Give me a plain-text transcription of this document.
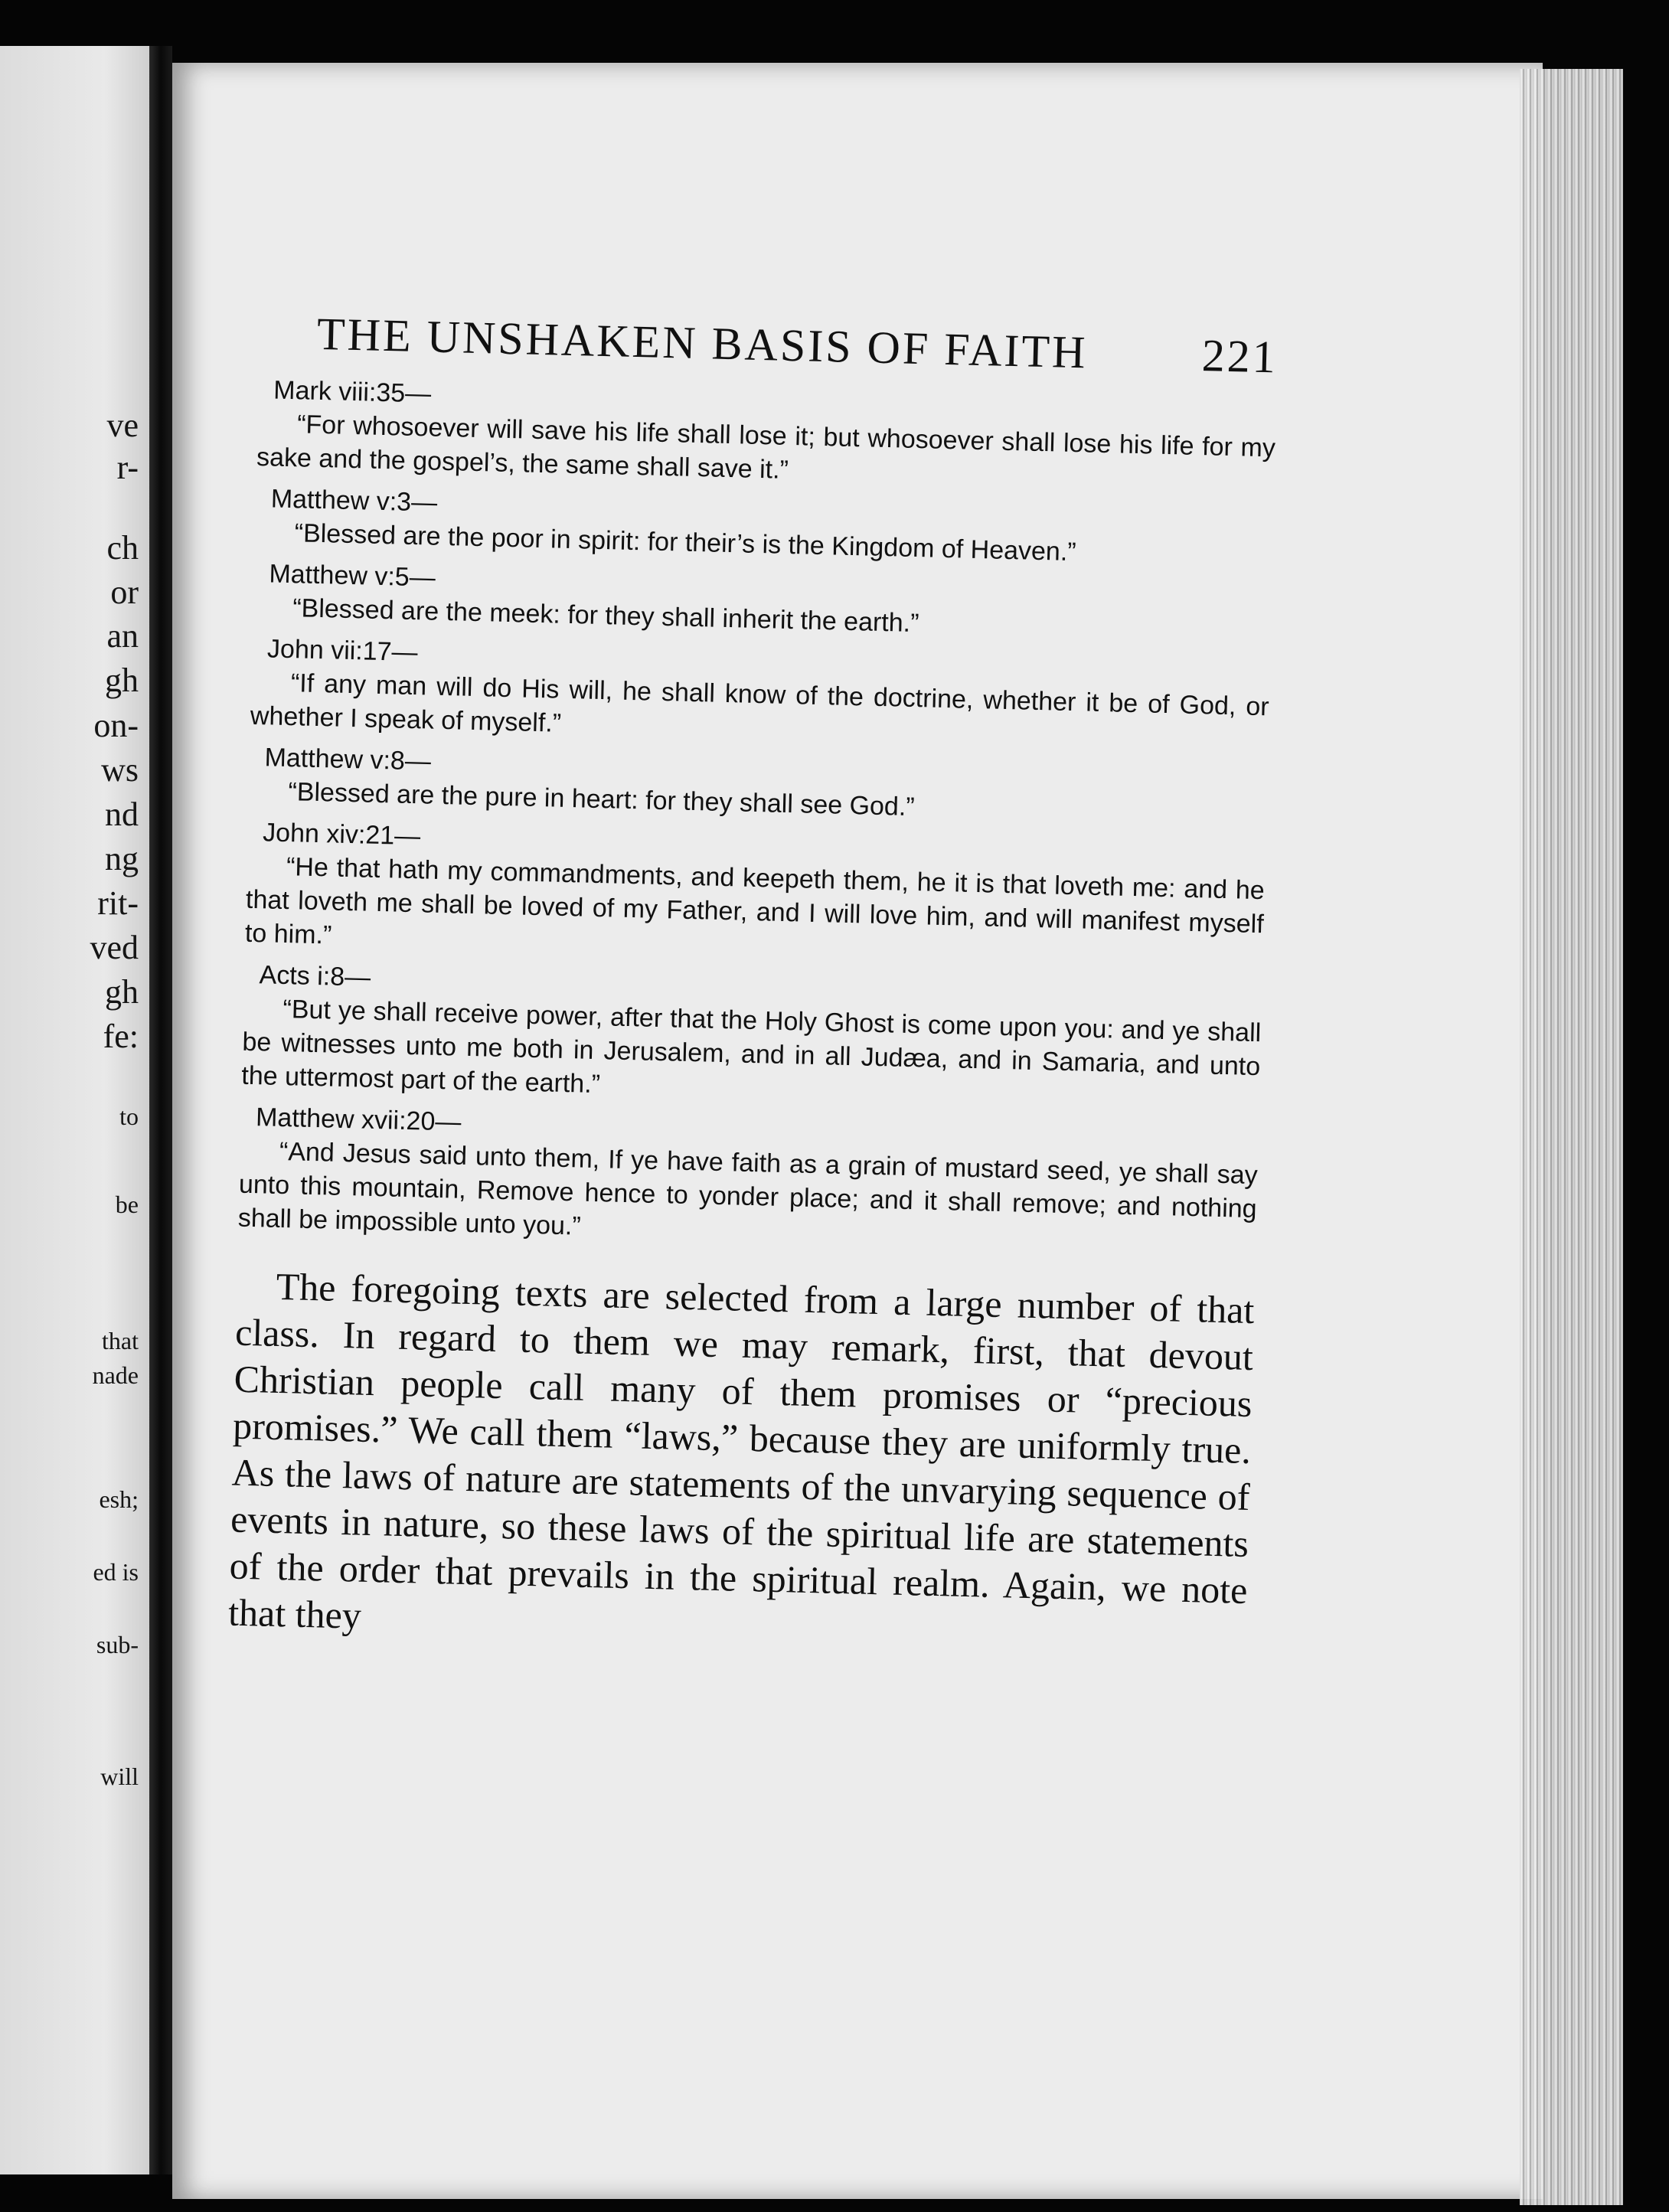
ve
r-
ch
or
an
gh
on-
ws
nd
ng
rit-
ved
gh
fe:
to
be
that
nade
esh;
ed is
sub-
will
THE UNSHAKEN BASIS OF FAITH 221
Mark viii:35—
“For whosoever will save his life shall lose it; but whosoever shall lose his life for my sake and the gospel’s, the same shall save it.”
Matthew v:3—
“Blessed are the poor in spirit: for their’s is the Kingdom of Heaven.”
Matthew v:5—
“Blessed are the meek: for they shall inherit the earth.”
John vii:17—
“If any man will do His will, he shall know of the doctrine, whether it be of God, or whether I speak of myself.”
Matthew v:8—
“Blessed are the pure in heart: for they shall see God.”
John xiv:21—
“He that hath my commandments, and keepeth them, he it is that loveth me: and he that loveth me shall be loved of my Father, and I will love him, and will manifest myself to him.”
Acts i:8—
“But ye shall receive power, after that the Holy Ghost is come upon you: and ye shall be witnesses unto me both in Jerusalem, and in all Judæa, and in Samaria, and unto the uttermost part of the earth.”
Matthew xvii:20—
“And Jesus said unto them, If ye have faith as a grain of mustard seed, ye shall say unto this mountain, Remove hence to yonder place; and it shall remove; and nothing shall be impossible unto you.”

The foregoing texts are selected from a large number of that class. In regard to them we may remark, first, that devout Christian people call many of them promises or “precious promises.” We call them “laws,” because they are uniformly true. As the laws of nature are statements of the unvarying sequence of events in nature, so these laws of the spiritual life are statements of the order that prevails in the spiritual realm. Again, we note that they
